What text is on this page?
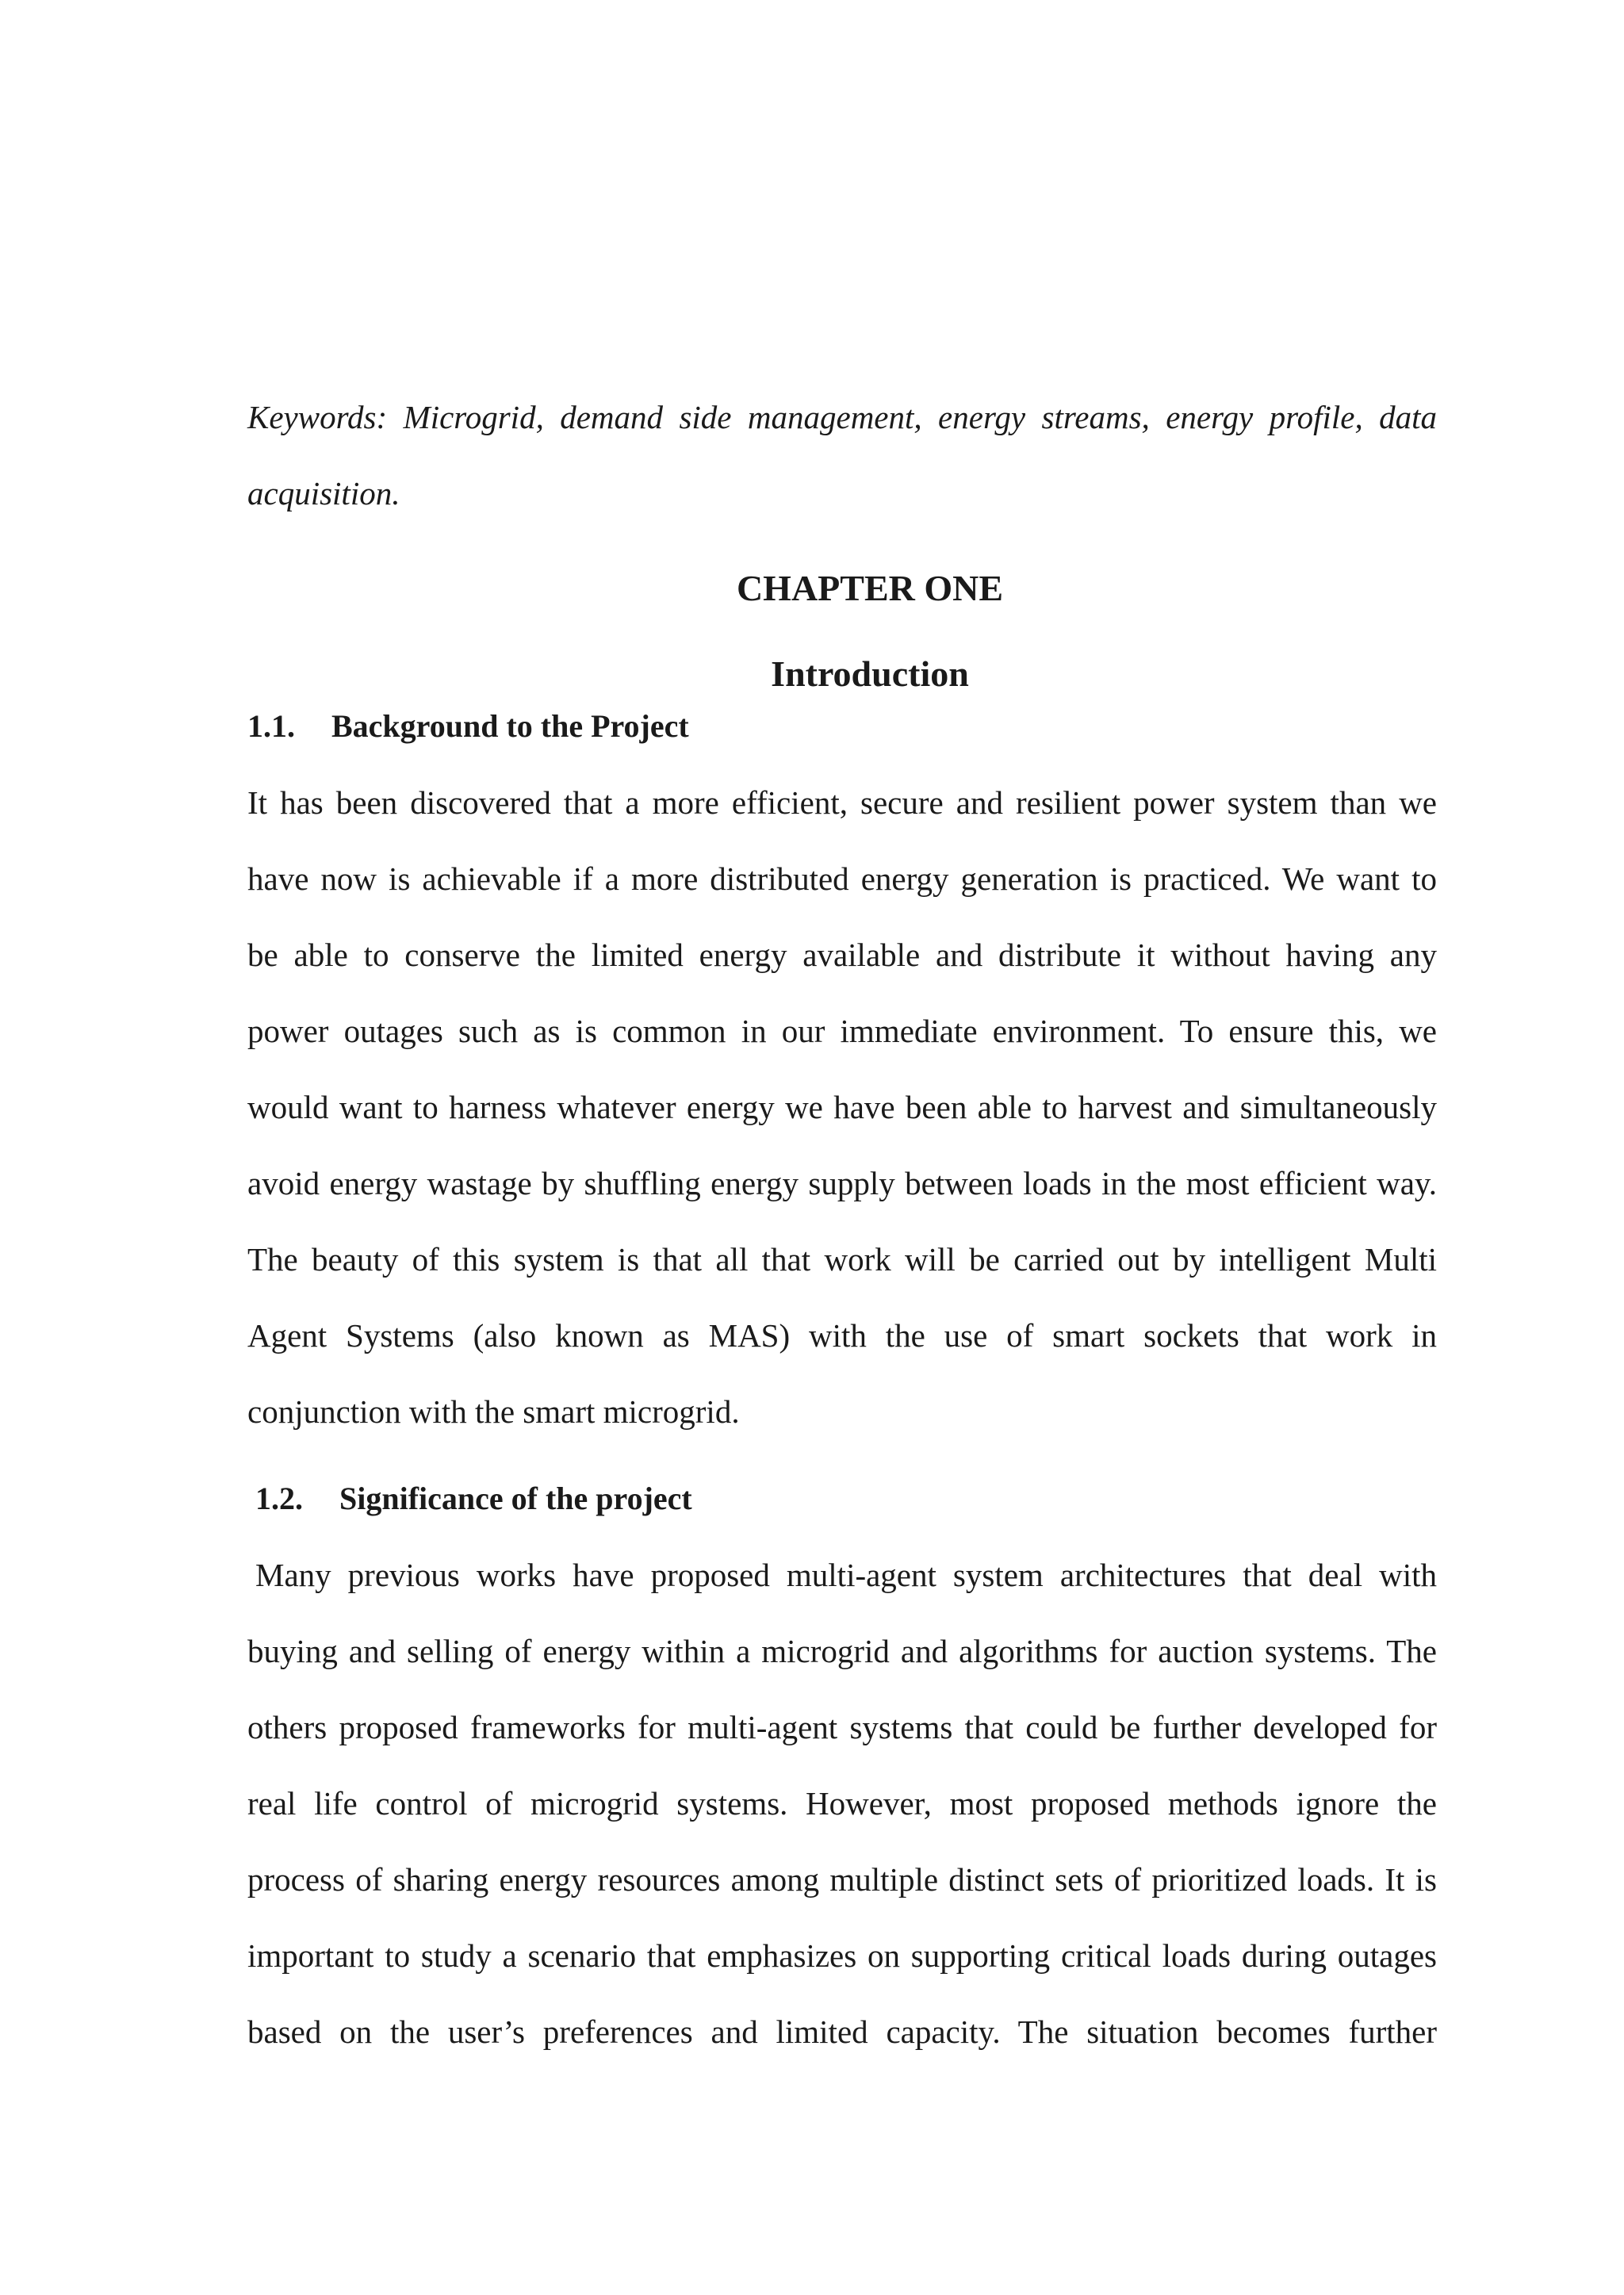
Keywords: Microgrid, demand side management, energy streams, energy profile, data
acquisition.
CHAPTER ONE
Introduction
1.1.	Background to the Project
It has been discovered that a more efficient, secure and resilient power system than we
have now is achievable if a more distributed energy generation is practiced. We want to
be able to conserve the limited energy available and distribute it without having any
power outages such as is common in our immediate environment. To ensure this, we
would want to harness whatever energy we have been able to harvest and simultaneously
avoid energy wastage by shuffling energy supply between loads in the most efficient way.
The beauty of this system is that all that work will be carried out by intelligent Multi
Agent Systems (also known as MAS) with the use of smart sockets that work in
conjunction with the smart microgrid.
1.2.	Significance of the project
Many previous works have proposed multi-agent system architectures that deal with
buying and selling of energy within a microgrid and algorithms for auction systems. The
others proposed frameworks for multi-agent systems that could be further developed for
real life control of microgrid systems. However, most proposed methods ignore the
process of sharing energy resources among multiple distinct sets of prioritized loads. It is
important to study a scenario that emphasizes on supporting critical loads during outages
based on the user’s preferences and limited capacity. The situation becomes further
